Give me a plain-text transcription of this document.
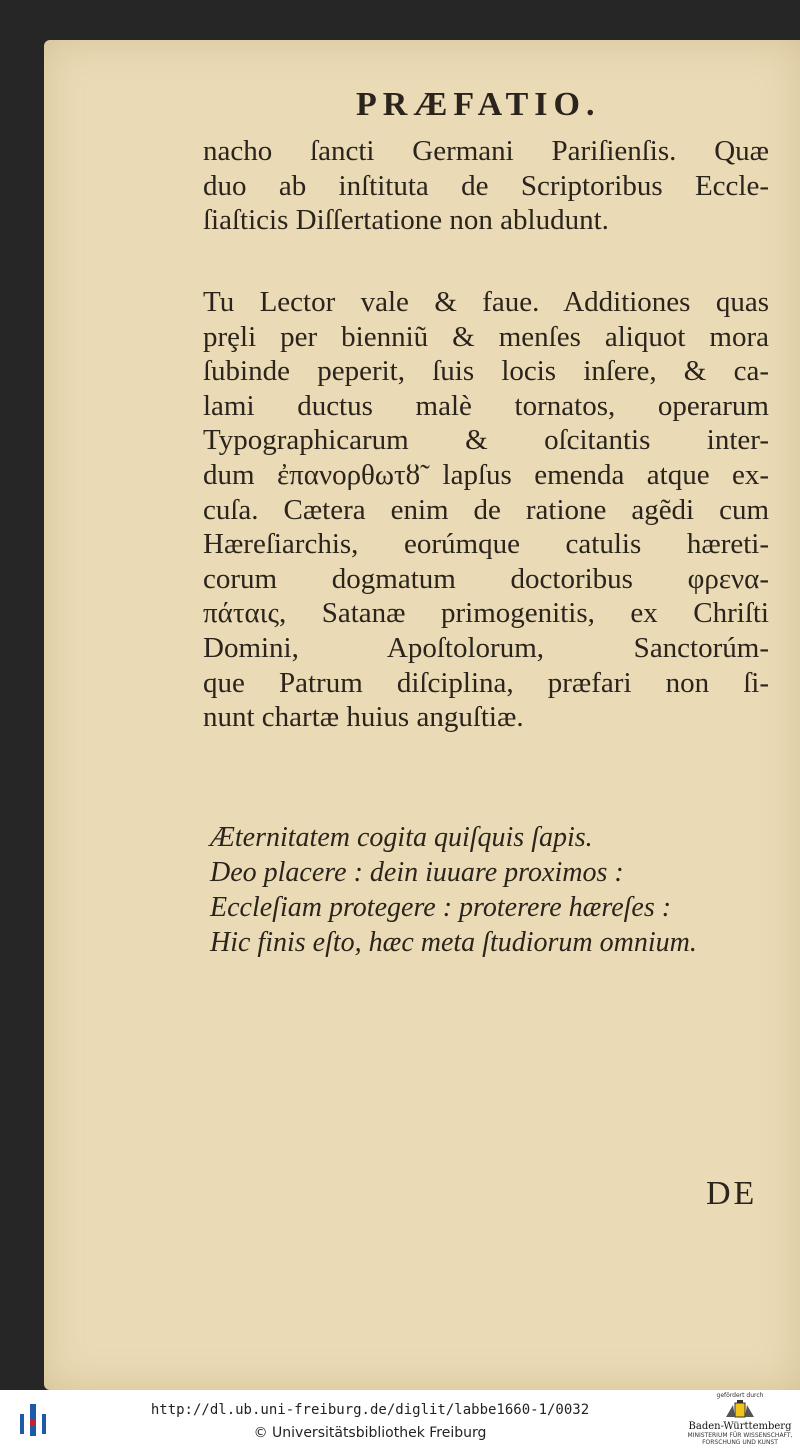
PRÆFATIO.
nacho ſancti Germani Pariſienſis. Quæ
duo ab inſtituta de Scriptoribus Eccle-
ſiaſticis Diſſertatione non abludunt.
Tu Lector vale & faue. Additiones quas
prȩli per bienniũ & menſes aliquot mora
ſubinde peperit, ſuis locis inſere, & ca-
lami ductus malè tornatos, operarum
Typographicarum & oſcitantis inter-
dum ἐπανορθωτȣ̃ lapſus emenda atque ex-
cuſa. Cætera enim de ratione agẽdi cum
Hæreſiarchis, eorúmque catulis hæreti-
corum dogmatum doctoribus φρενα-
πάταις, Satanæ primogenitis, ex Chriſti
Domini, Apoſtolorum, Sanctorúm-
que Patrum diſciplina, præfari non ſi-
nunt chartæ huius anguſtiæ.
Æternitatem cogita quiſquis ſapis.
Deo placere : dein iuuare proximos :
Eccleſiam protegere : proterere hæreſes :
Hic finis eſto, hæc meta ſtudiorum omnium.
DE
http://dl.ub.uni-freiburg.de/diglit/labbe1660-1/0032
© Universitätsbibliothek Freiburg
gefördert durch
Baden-Württemberg
MINISTERIUM FÜR WISSENSCHAFT, FORSCHUNG UND KUNST
